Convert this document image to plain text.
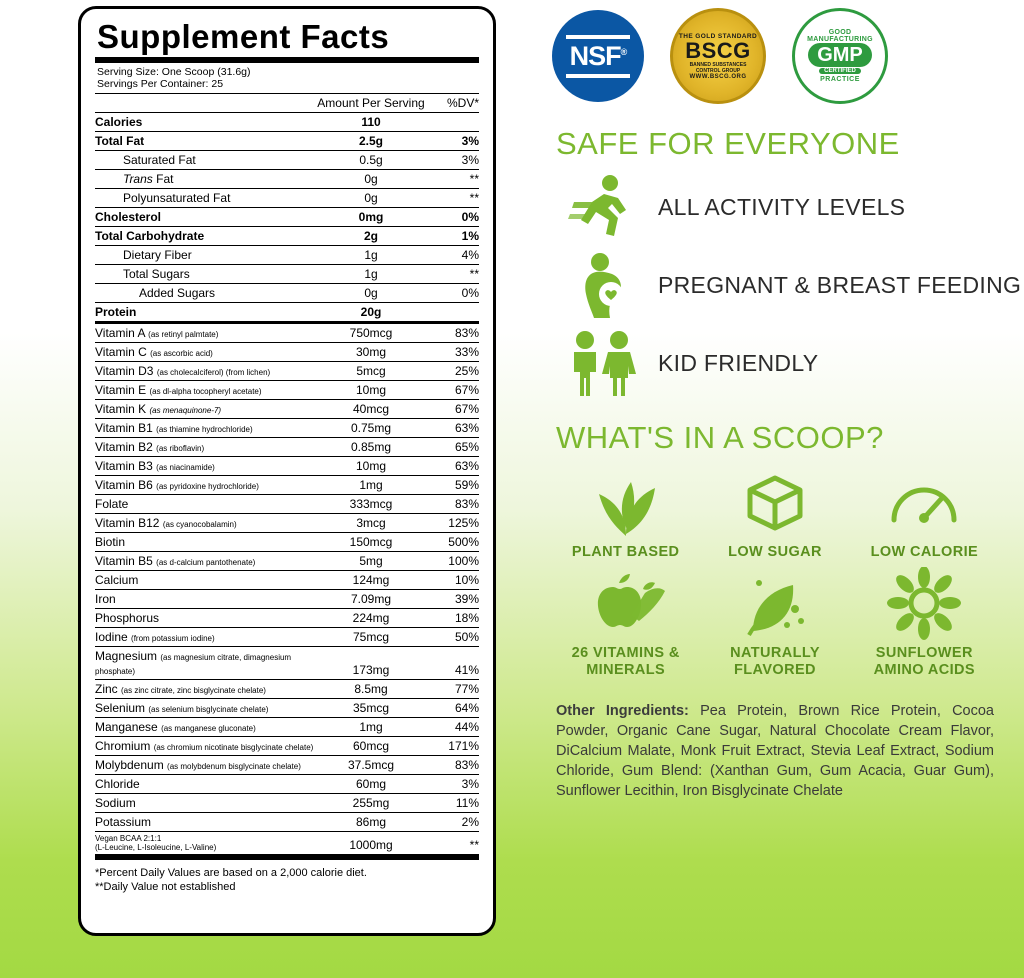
Supplement Facts
Serving Size: One Scoop (31.6g)
Servings Per Container: 25
	Amount Per Serving	%DV*
Calories	110	
Total Fat	2.5g	3%
Saturated Fat	0.5g	3%
Trans Fat	0g	**
Polyunsaturated Fat	0g	**
Cholesterol	0mg	0%
Total Carbohydrate	2g	1%
Dietary Fiber	1g	4%
Total Sugars	1g	**
Added Sugars	0g	0%
Protein	20g	
Vitamin A (as retinyl palmtate)	750mcg	83%
Vitamin C (as ascorbic acid)	30mg	33%
Vitamin D3 (as cholecalciferol) (from lichen)	5mcg	25%
Vitamin E (as dl-alpha tocopheryl acetate)	10mg	67%
Vitamin K (as menaquinone-7)	40mcg	67%
Vitamin B1 (as thiamine hydrochloride)	0.75mg	63%
Vitamin B2 (as riboflavin)	0.85mg	65%
Vitamin B3 (as niacinamide)	10mg	63%
Vitamin B6 (as pyridoxine hydrochloride)	1mg	59%
Folate	333mcg	83%
Vitamin B12 (as cyanocobalamin)	3mcg	125%
Biotin	150mcg	500%
Vitamin B5 (as d-calcium pantothenate)	5mg	100%
Calcium	124mg	10%
Iron	7.09mg	39%
Phosphorus	224mg	18%
Iodine (from potassium iodine)	75mcg	50%
Magnesium (as magnesium citrate, dimagnesium phosphate)	173mg	41%
Zinc (as zinc citrate, zinc bisglycinate chelate)	8.5mg	77%
Selenium (as selenium bisglycinate chelate)	35mcg	64%
Manganese (as manganese gluconate)	1mg	44%
Chromium (as chromium nicotinate bisglycinate chelate)	60mcg	171%
Molybdenum (as molybdenum bisglycinate chelate)	37.5mcg	83%
Chloride	60mg	3%
Sodium	255mg	11%
Potassium	86mg	2%

Vegan BCAA 2:1:1
(L-Leucine, L-Isoleucine, L-Valine)	1000mg	**
*Percent Daily Values are based on a 2,000 calorie diet.
**Daily Value not established
NSF®
THE GOLD STANDARD
BSCG
BANNED SUBSTANCES
CONTROL GROUP
WWW.BSCG.ORG
GOOD MANUFACTURING
GMP
CERTIFIED
PRACTICE
SAFE FOR EVERYONE
ALL ACTIVITY LEVELS
PREGNANT & BREAST FEEDING
KID FRIENDLY
WHAT'S IN A SCOOP?
PLANT BASED	LOW SUGAR	LOW CALORIE
26 VITAMINS & MINERALS
NATURALLY FLAVORED
SUNFLOWER AMINO ACIDS
Other Ingredients: Pea Protein, Brown Rice Protein, Cocoa Powder, Organic Cane Sugar, Natural Chocolate Cream Flavor, DiCalcium Malate, Monk Fruit Extract, Stevia Leaf Extract, Sodium Chloride, Gum Blend: (Xanthan Gum, Gum Acacia, Guar Gum), Sunflower Lecithin, Iron Bisglycinate Chelate
